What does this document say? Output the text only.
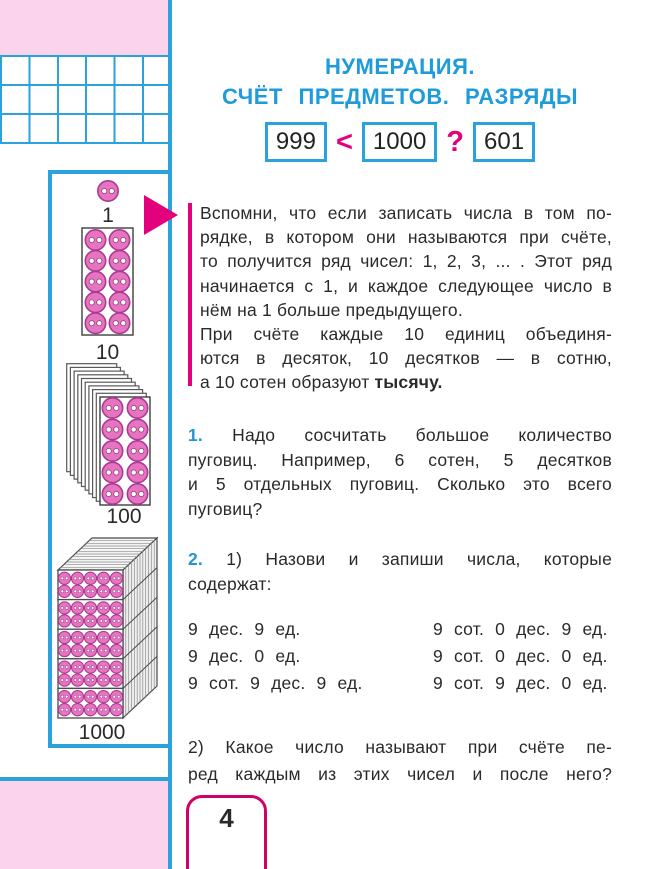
НУМЕРАЦИЯ.
СЧЁТ ПРЕДМЕТОВ. РАЗРЯДЫ
999 < 1000 ? 601
1
10
100
1000
Вспомни, что если записать числа в том по-
рядке, в котором они называются при счёте,
то получится ряд чисел: 1, 2, 3, ... . Этот ряд
начинается с 1, и каждое следующее число в
нём на 1 больше предыдущего.
При счёте каждые 10 единиц объединя-
ются в десяток, 10 десятков — в сотню,
а 10 сотен образуют тысячу.
1. Надо сосчитать большое количество
пуговиц. Например, 6 сотен, 5 десятков
и 5 отдельных пуговиц. Сколько это всего
пуговиц?
2. 1) Назови и запиши числа, которые
содержат:
9 дес. 9 ед.	9 сот. 0 дес. 9 ед.
9 дес. 0 ед.	9 сот. 0 дес. 0 ед.
9 сот. 9 дес. 9 ед.	9 сот. 9 дес. 0 ед.
2) Какое число называют при счёте пе-
ред каждым из этих чисел и после него?
4
